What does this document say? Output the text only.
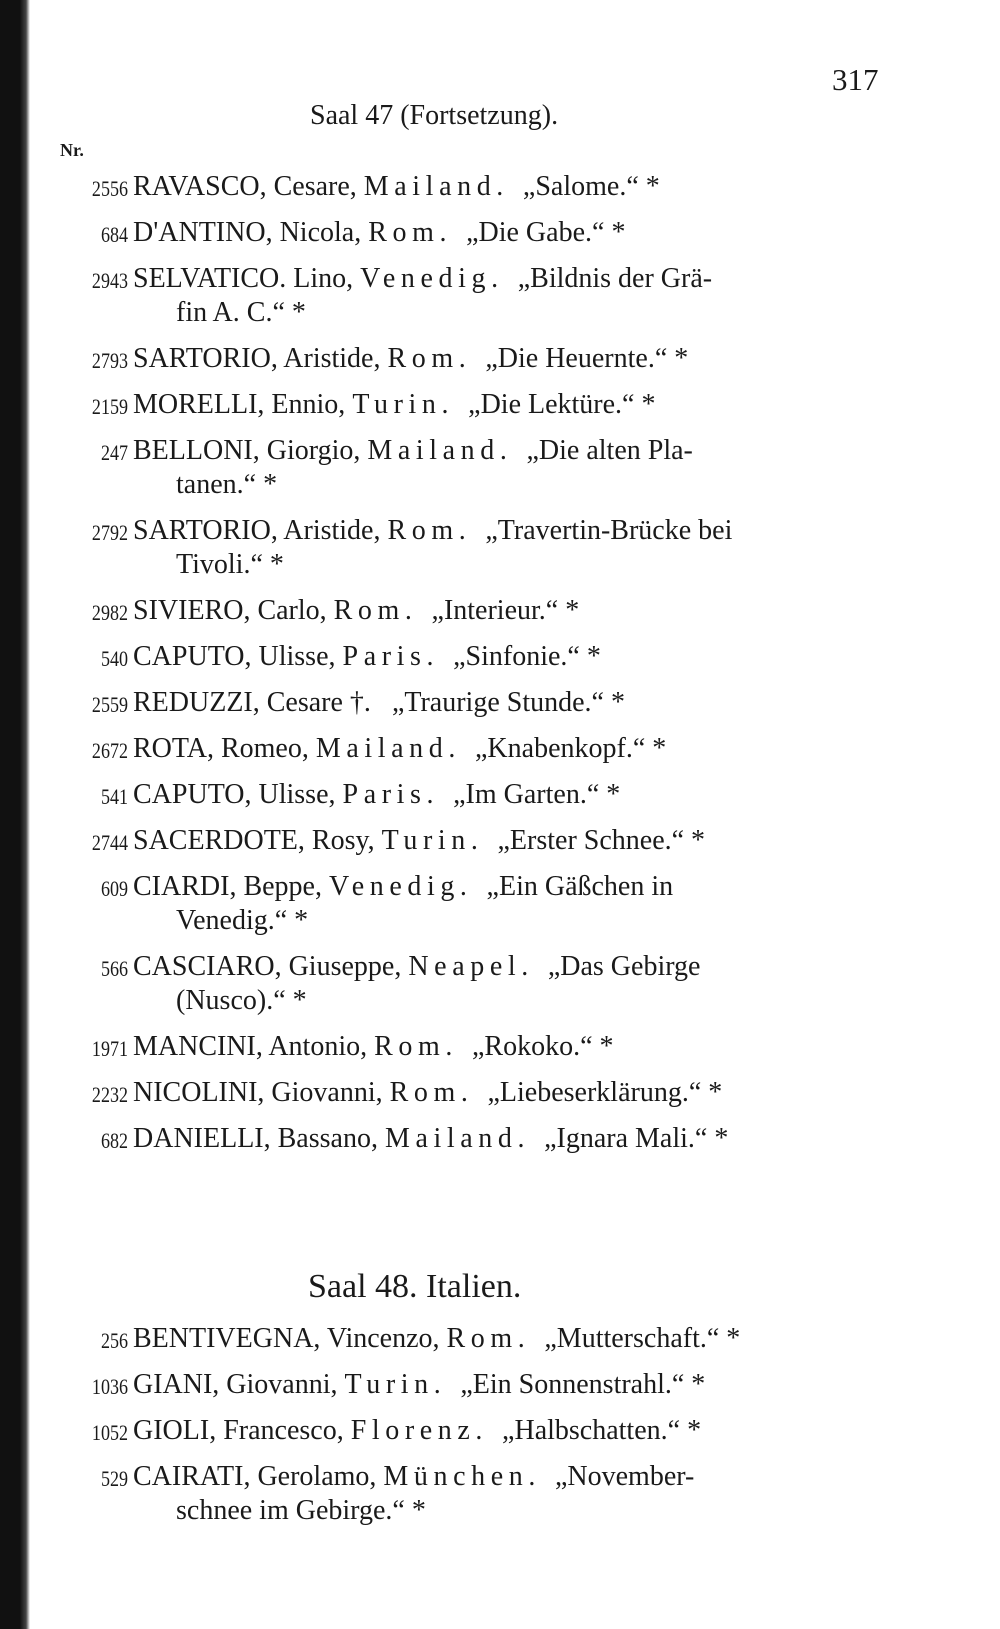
317
Saal 47 (Fortsetzung).
Nr.
2556 RAVASCO, Cesare, Mailand.  „Salome.“ *
684 D'ANTINO, Nicola, Rom.  „Die Gabe.“ *
2943 SELVATICO. Lino, Venedig.  „Bildnis der Grä-
fin A. C.“ *
2793 SARTORIO, Aristide, Rom.  „Die Heuernte.“ *
2159 MORELLI, Ennio, Turin.  „Die Lektüre.“ *
247 BELLONI, Giorgio, Mailand.  „Die alten Pla-
tanen.“ *
2792 SARTORIO, Aristide, Rom.  „Travertin-Brücke bei
Tivoli.“ *
2982 SIVIERO, Carlo, Rom.  „Interieur.“ *
540 CAPUTO, Ulisse, Paris.  „Sinfonie.“ *
2559 REDUZZI, Cesare †.   „Traurige Stunde.“ *
2672 ROTA, Romeo, Mailand.  „Knabenkopf.“ *
541 CAPUTO, Ulisse, Paris.  „Im Garten.“ *
2744 SACERDOTE, Rosy, Turin.  „Erster Schnee.“ *
609 CIARDI, Beppe, Venedig.  „Ein Gäßchen in
Venedig.“ *
566 CASCIARO, Giuseppe, Neapel.  „Das Gebirge
(Nusco).“ *
1971 MANCINI, Antonio, Rom.  „Rokoko.“ *
2232 NICOLINI, Giovanni, Rom.  „Liebeserklärung.“ *
682 DANIELLI, Bassano, Mailand.  „Ignara Mali.“ *
Saal 48. Italien.
256 BENTIVEGNA, Vincenzo, Rom.  „Mutterschaft.“ *
1036 GIANI, Giovanni, Turin.  „Ein Sonnenstrahl.“ *
1052 GIOLI, Francesco, Florenz.  „Halbschatten.“ *
529 CAIRATI, Gerolamo, München.  „November-
schnee im Gebirge.“ *
